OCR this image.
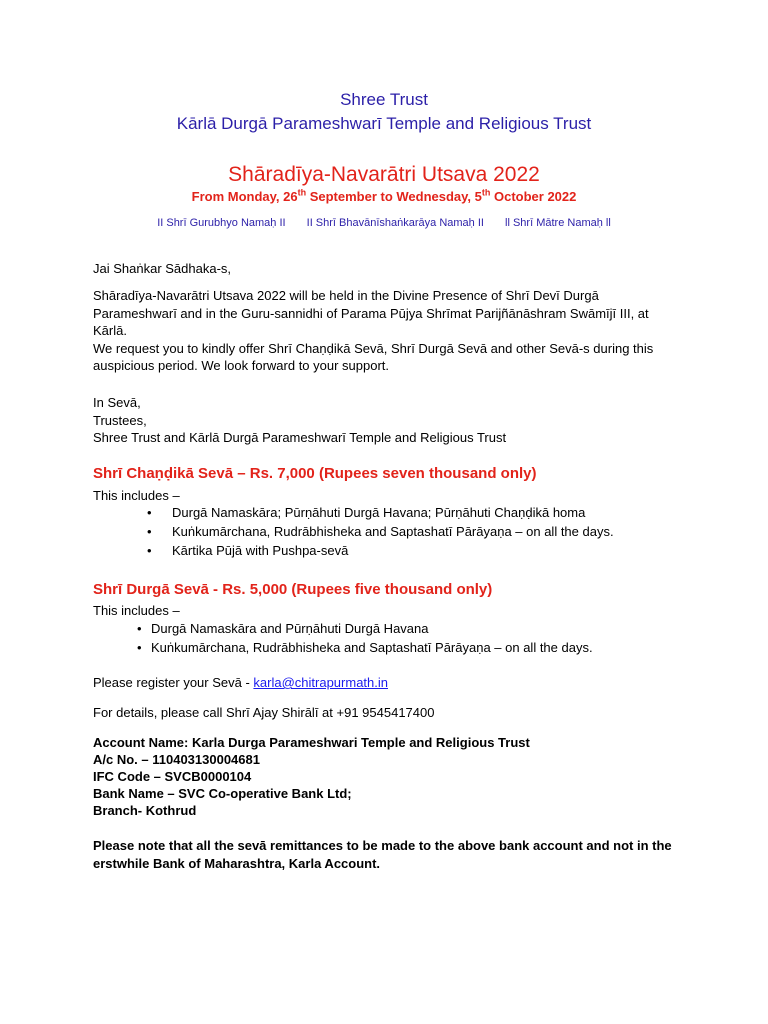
Shree Trust
Kārlā Durgā Parameshwarī Temple and Religious Trust
Shāradīya-Navarātri Utsava 2022
From Monday, 26th September to Wednesday, 5th October 2022
II Shrī Gurubhyo Namaḥ II II Shrī Bhavānīshaṅkarāya Namaḥ II ll Shrī Mātre Namaḥ ll
Jai Shaṅkar Sādhaka-s,

Shāradīya-Navarātri Utsava 2022 will be held in the Divine Presence of Shrī Devī Durgā Parameshwarī and in the Guru-sannidhi of Parama Pūjya Shrīmat Parijñānāshram Swāmījī III, at Kārlā.

We request you to kindly offer Shrī Chaṇḍikā Sevā, Shrī Durgā Sevā and other Sevā-s during this auspicious period. We look forward to your support.

In Sevā,

Trustees,

Shree Trust and Kārlā Durgā Parameshwarī Temple and Religious Trust

Shrī Chaṇḍikā Sevā – Rs. 7,000 (Rupees seven thousand only)
This includes –
• Durgā Namaskāra; Pūrṇāhuti Durgā Havana; Pūrṇāhuti Chaṇḍikā homa
• Kuṅkumārchana, Rudrābhisheka and Saptashatī Pārāyaṇa – on all the days.
• Kārtika Pūjā with Pushpa-sevā
Shrī Durgā Sevā - Rs. 5,000 (Rupees five thousand only)
This includes –
• Durgā Namaskāra and Pūrṇāhuti Durgā Havana
• Kuṅkumārchana, Rudrābhisheka and Saptashatī Pārāyaṇa – on all the days.
Please register your Sevā - karla@chitrapurmath.in
For details, please call Shrī Ajay Shirālī at +91 9545417400
Account Name: Karla Durga Parameshwari Temple and Religious Trust
A/c No. – 110403130004681
IFC Code – SVCB0000104
Bank Name – SVC Co-operative Bank Ltd;
Branch- Kothrud
Please note that all the sevā remittances to be made to the above bank account and not in the erstwhile Bank of Maharashtra, Karla Account.
